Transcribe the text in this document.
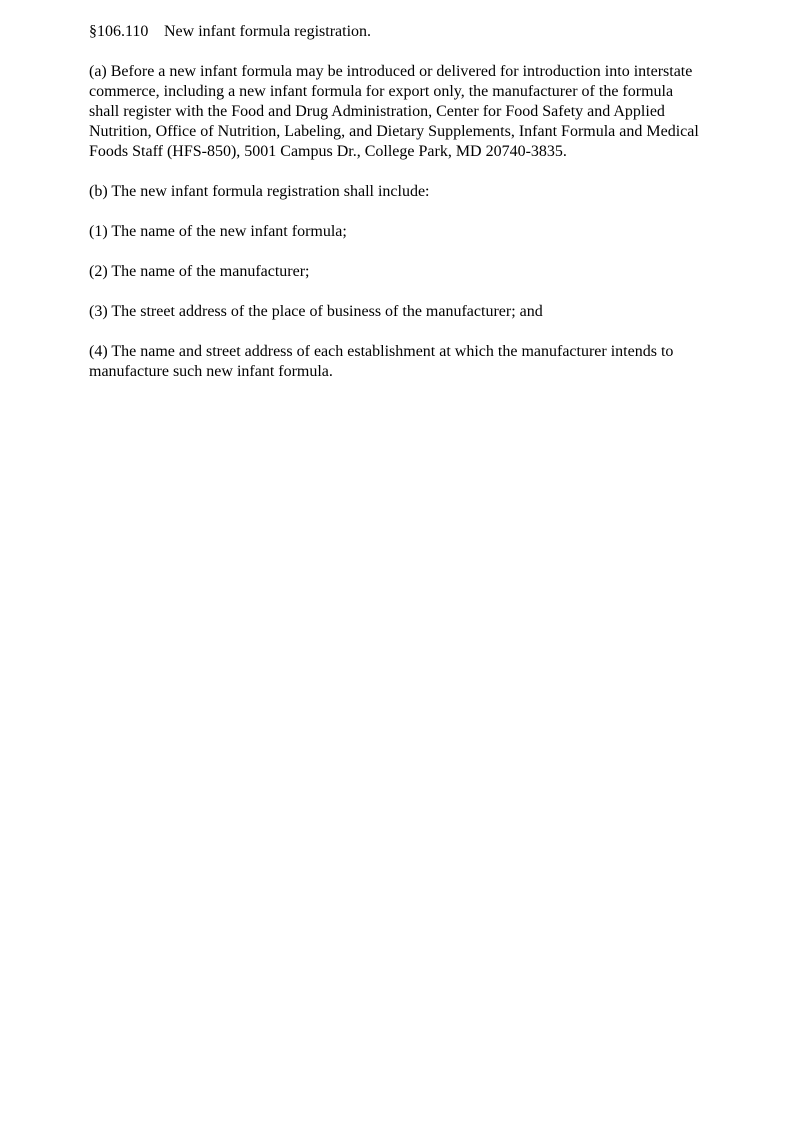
§106.110 New infant formula registration.

(a) Before a new infant formula may be introduced or delivered for introduction into interstate commerce, including a new infant formula for export only, the manufacturer of the formula shall register with the Food and Drug Administration, Center for Food Safety and Applied Nutrition, Office of Nutrition, Labeling, and Dietary Supplements, Infant Formula and Medical Foods Staff (HFS-850), 5001 Campus Dr., College Park, MD 20740-3835.

(b) The new infant formula registration shall include:

(1) The name of the new infant formula;

(2) The name of the manufacturer;

(3) The street address of the place of business of the manufacturer; and

(4) The name and street address of each establishment at which the manufacturer intends to manufacture such new infant formula.
